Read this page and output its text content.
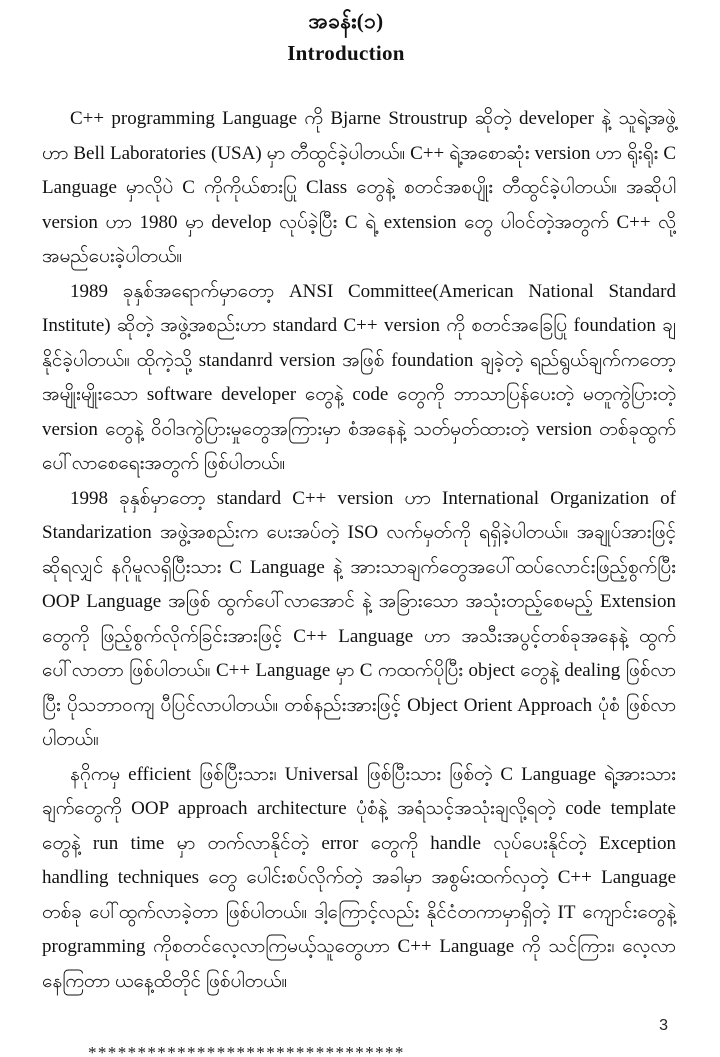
အခန်း(၁)
Introduction

C++ programming Language ကို Bjarne Stroustrup ဆိုတဲ့ developer နဲ့ သူရဲ့အဖွဲ့ ဟာ Bell Laboratories (USA) မှာ တီထွင်ခဲ့ပါတယ်။ C++ ရဲ့အစောဆုံး version ဟာ ရိုးရိုး C Language မှာလိုပဲ C ကိုကိုယ်စားပြု Class တွေနဲ့ စတင်အစပျိုး တီထွင်ခဲ့ပါတယ်။ အဆိုပါ version ဟာ 1980 မှာ develop လုပ်ခဲ့ပြီး C ရဲ့ extension တွေ ပါဝင်တဲ့အတွက် C++ လို့ အမည်ပေးခဲ့ပါတယ်။

1989 ခုနှစ်အရောက်မှာတော့ ANSI Committee(American National Standard Institute) ဆိုတဲ့ အဖွဲ့အစည်းဟာ standard C++ version ကို စတင်အခြေပြု foundation ချနိုင်ခဲ့ပါတယ်။ ထိုကဲ့သို့ standanrd version အဖြစ် foundation ချခဲ့တဲ့ ရည်ရွယ်ချက်ကတော့ အမျိုးမျိုးသော software developer တွေနဲ့ code တွေကို ဘာသာပြန်ပေးတဲ့ မတူကွဲပြားတဲ့ version တွေနဲ့ ဝိဝါဒကွဲပြားမှုတွေအကြားမှာ စံအနေနဲ့ သတ်မှတ်ထားတဲ့ version တစ်ခုထွက်ပေါ်လာစေရေးအတွက် ဖြစ်ပါတယ်။

1998 ခုနှစ်မှာတော့ standard C++ version ဟာ International Organization of Standarization အဖွဲ့အစည်းက ပေးအပ်တဲ့ ISO လက်မှတ်ကို ရရှိခဲ့ပါတယ်။ အချုပ်အားဖြင့် ဆိုရလျှင် နဂိုမူလရှိပြီးသား C Language နဲ့ အားသာချက်တွေအပေါ်ထပ်လောင်းဖြည့်စွက်ပြီး OOP Language အဖြစ် ထွက်ပေါ်လာအောင် နဲ့ အခြားသော အသုံးတည့်စေမည့် Extension တွေကို ဖြည့်စွက်လိုက်ခြင်းအားဖြင့် C++ Language ဟာ အသီးအပွင့်တစ်ခုအနေနဲ့ ထွက်ပေါ်လာတာ ဖြစ်ပါတယ်။ C++ Language မှာ C ကထက်ပိုပြီး object တွေနဲ့ dealing ဖြစ်လာပြီး ပိုသဘာဝကျ ပီပြင်လာပါတယ်။ တစ်နည်းအားဖြင့် Object Orient Approach ပုံစံ ဖြစ်လာပါတယ်။

နဂိုကမှ efficient ဖြစ်ပြီးသား၊ Universal ဖြစ်ပြီးသား ဖြစ်တဲ့ C Language ရဲ့အားသားချက်တွေကို OOP approach architecture ပုံစံနဲ့ အရံသင့်အသုံးချလို့ရတဲ့ code template တွေနဲ့ run time မှာ တက်လာနိုင်တဲ့ error တွေကို handle လုပ်ပေးနိုင်တဲ့ Exception handling techniques တွေ ပေါင်းစပ်လိုက်တဲ့ အခါမှာ အစွမ်းထက်လှတဲ့ C++ Language တစ်ခု ပေါ်ထွက်လာခဲ့တာ ဖြစ်ပါတယ်။ ဒါ့ကြောင့်လည်း နိုင်ငံတကာမှာရှိတဲ့ IT ကျောင်းတွေနဲ့ programming ကိုစတင်လေ့လာကြမယ့်သူတွေဟာ C++ Language ကို သင်ကြား၊ လေ့လာနေကြတာ ယနေ့ထိတိုင် ဖြစ်ပါတယ်။

********************************
3
